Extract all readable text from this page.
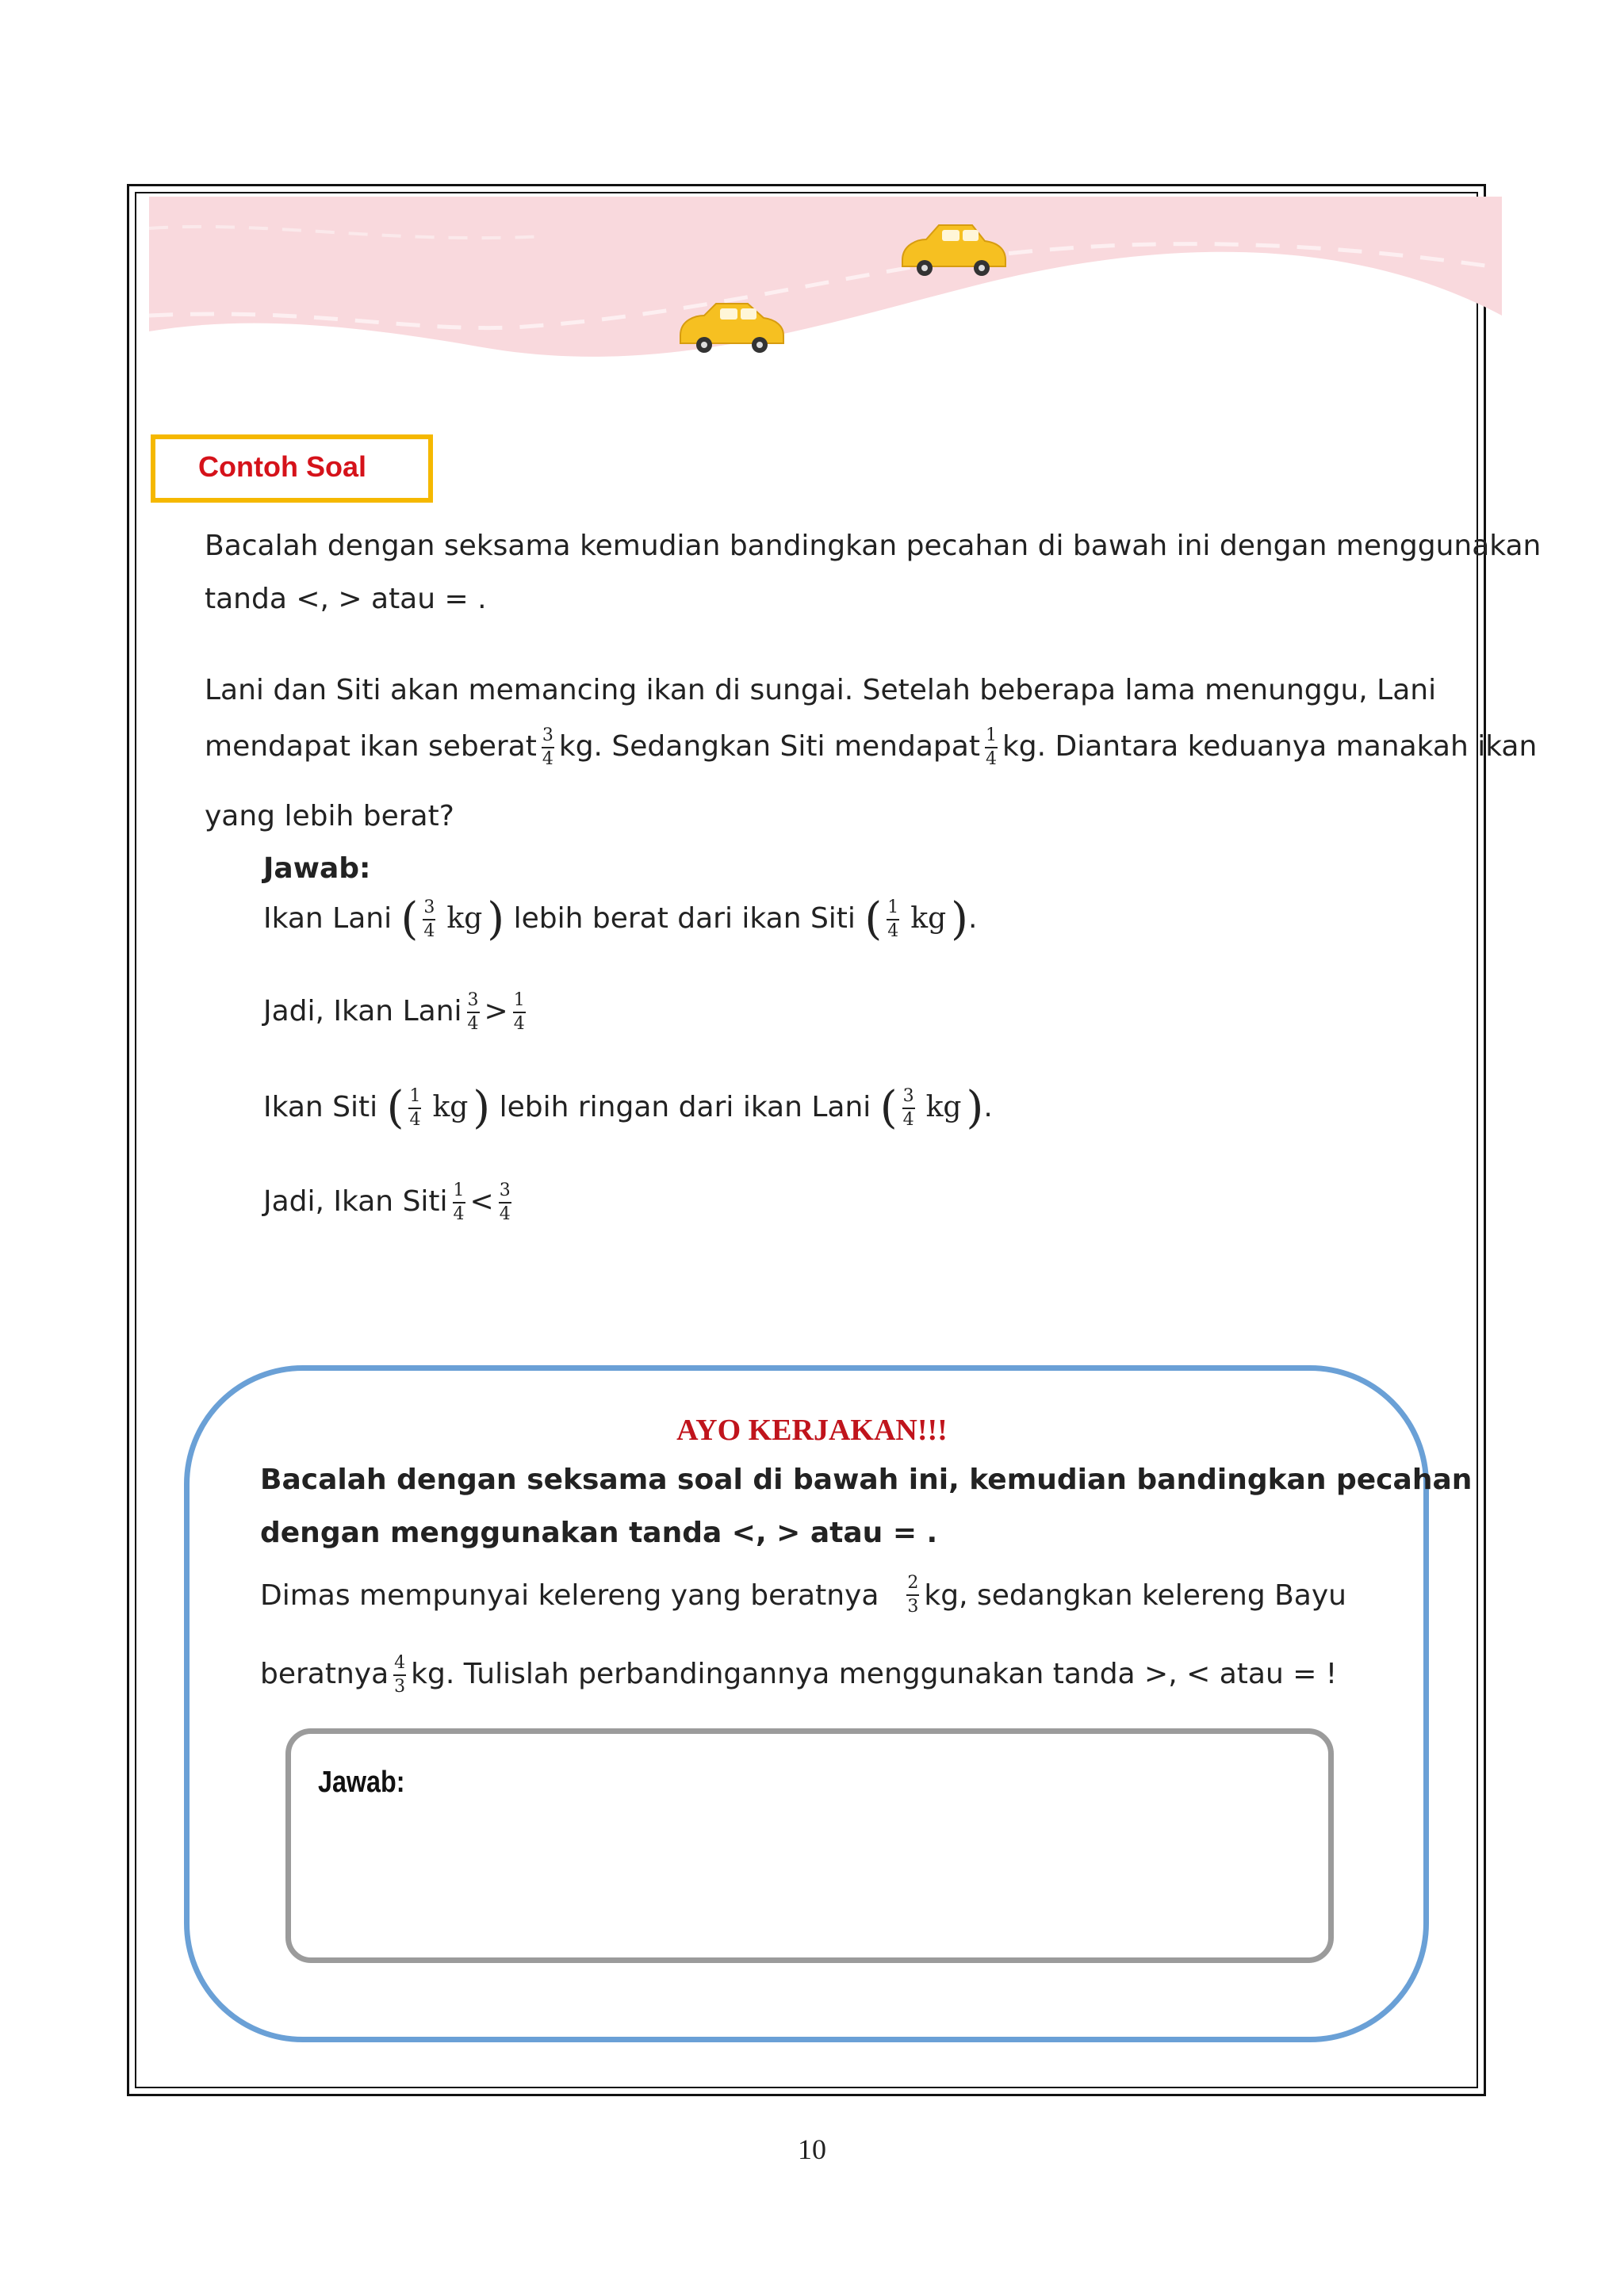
Contoh Soal
Bacalah dengan seksama kemudian bandingkan pecahan di bawah ini dengan menggunakan
tanda <, > atau = .
Lani dan Siti akan memancing ikan di sungai. Setelah beberapa lama menunggu, Lani
mendapat ikan seberat $\frac{3}{4}$ kg. Sedangkan Siti mendapat $\frac{1}{4}$ kg. Diantara keduanya manakah ikan
yang lebih berat?
Jawab:
Ikan Lani ( $\frac{3}{4}$ kg ) lebih berat dari ikan Siti ( $\frac{1}{4}$ kg ).
Jadi, Ikan Lani $\frac{3}{4} > \frac{1}{4}$
Ikan Siti ( $\frac{1}{4}$ kg ) lebih ringan dari ikan Lani ( $\frac{3}{4}$ kg ).
Jadi, Ikan Siti $\frac{1}{4} < \frac{3}{4}$
AYO KERJAKAN!!!
Bacalah dengan seksama soal di bawah ini, kemudian bandingkan pecahan
dengan menggunakan tanda <, > atau = .
Dimas mempunyai kelereng yang beratnya $\frac{2}{3}$ kg, sedangkan kelereng Bayu
beratnya $\frac{4}{3}$ kg. Tulislah perbandingannya menggunakan tanda >, < atau = !
Jawab:
10
